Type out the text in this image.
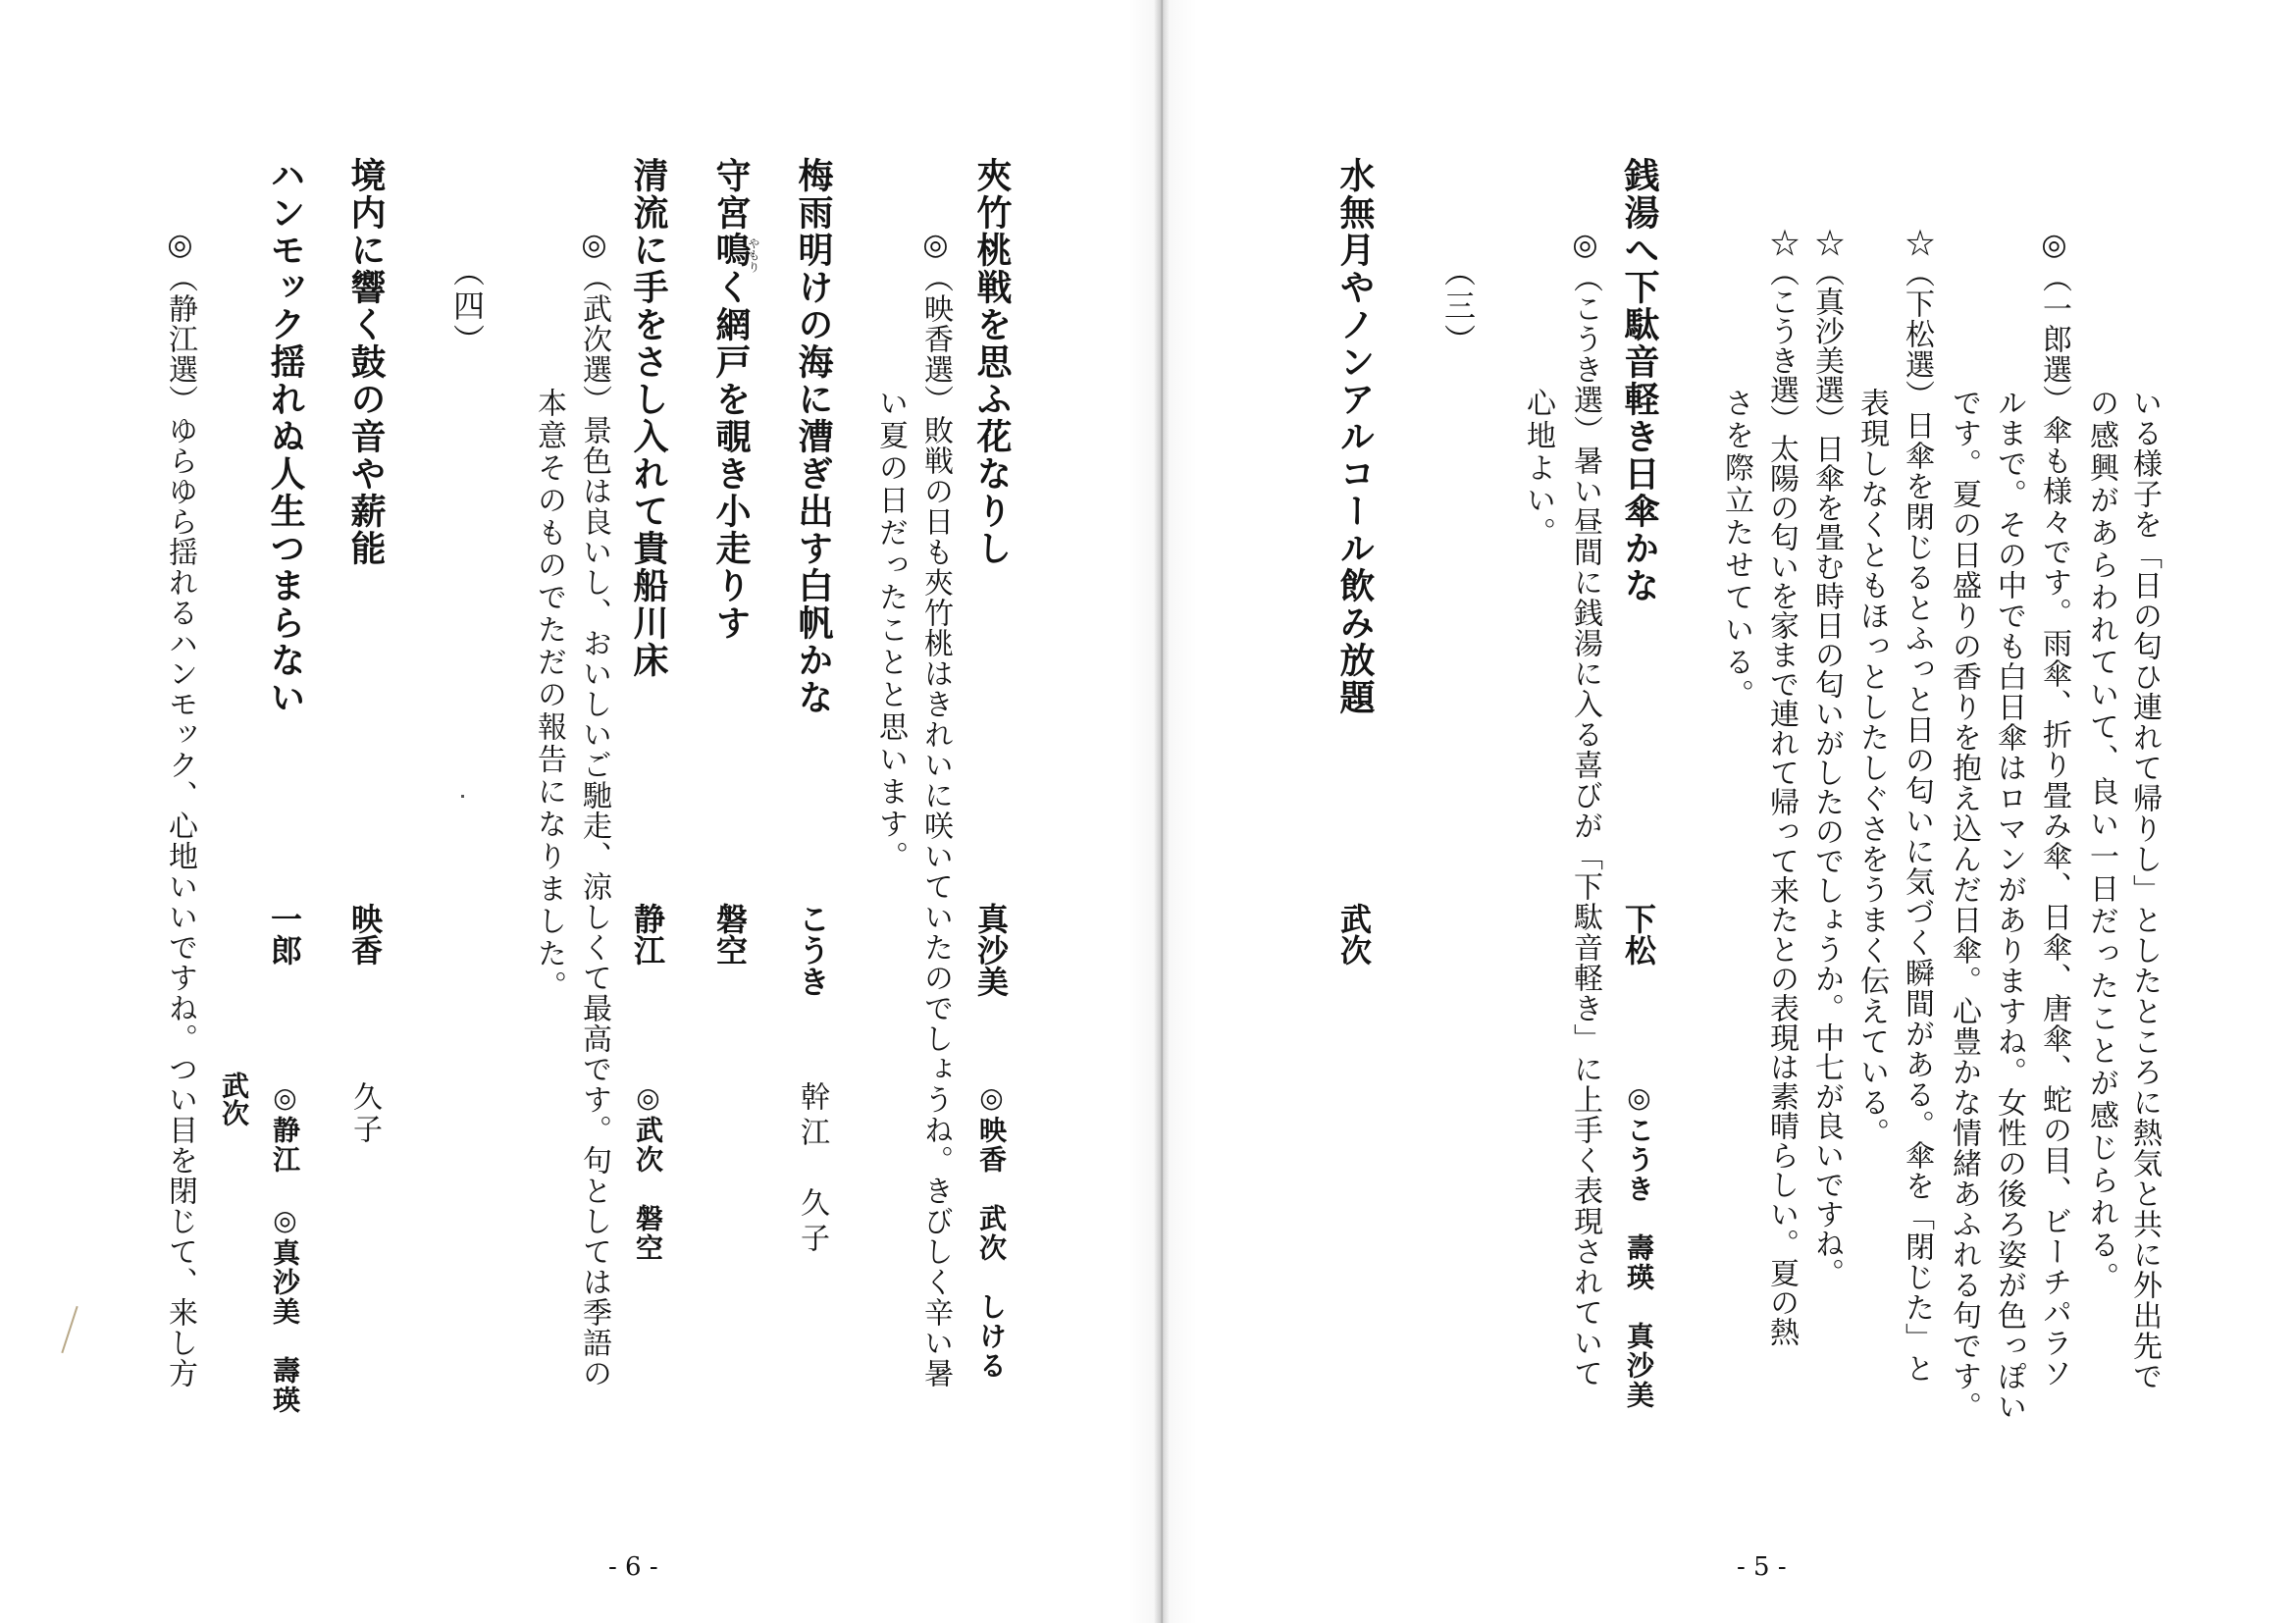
いる様子を「日の匂ひ連れて帰りし」としたところに熱気と共に外出先で
の感興があらわれていて、良い一日だったことが感じられる。
◎（一郎選）傘も様々です。雨傘、折り畳み傘、日傘、唐傘、蛇の目、ビーチパラソ
ルまで。その中でも白日傘はロマンがありますね。女性の後ろ姿が色っぽい
です。夏の日盛りの香りを抱え込んだ日傘。心豊かな情緒あふれる句です。
☆（下松選）日傘を閉じるとふっと日の匂いに気づく瞬間がある。傘を「閉じた」と
表現しなくともほっとしたしぐさをうまく伝えている。
☆（真沙美選）日傘を畳む時日の匂いがしたのでしょうか。中七が良いですね。
☆（こうき選）太陽の匂いを家まで連れて帰って来たとの表現は素晴らしい。夏の熱
さを際立たせている。
銭湯へ下駄音軽き日傘かな
下松
◎こうき　壽瑛　真沙美
◎（こうき選）暑い昼間に銭湯に入る喜びが「下駄音軽き」に上手く表現されていて
心地よい。
（三）
水無月やノンアルコール飲み放題
武次
- 5 -
夾竹桃戦を思ふ花なりし
真沙美
◎映香　武次　しける
◎（映香選）敗戦の日も夾竹桃はきれいに咲いていたのでしょうね。きびしく辛い暑
い夏の日だったことと思います。
梅雨明けの海に漕ぎ出す白帆かな
こうき
幹江　久子
守宮鳴く網戸を覗き小走りす
やもり
磐空
清流に手をさし入れて貴船川床
静江
◎武次　磐空
◎（武次選）景色は良いし、おいしいご馳走、涼しくて最高です。句としては季語の
本意そのものでただの報告になりました。
（四）
境内に響く鼓の音や薪能
映香
久子
ハンモック揺れぬ人生つまらない
一郎
◎静江　◎真沙美　壽瑛
武次
◎（静江選）ゆらゆら揺れるハンモック、心地いいですね。つい目を閉じて、来し方
- 6 -
